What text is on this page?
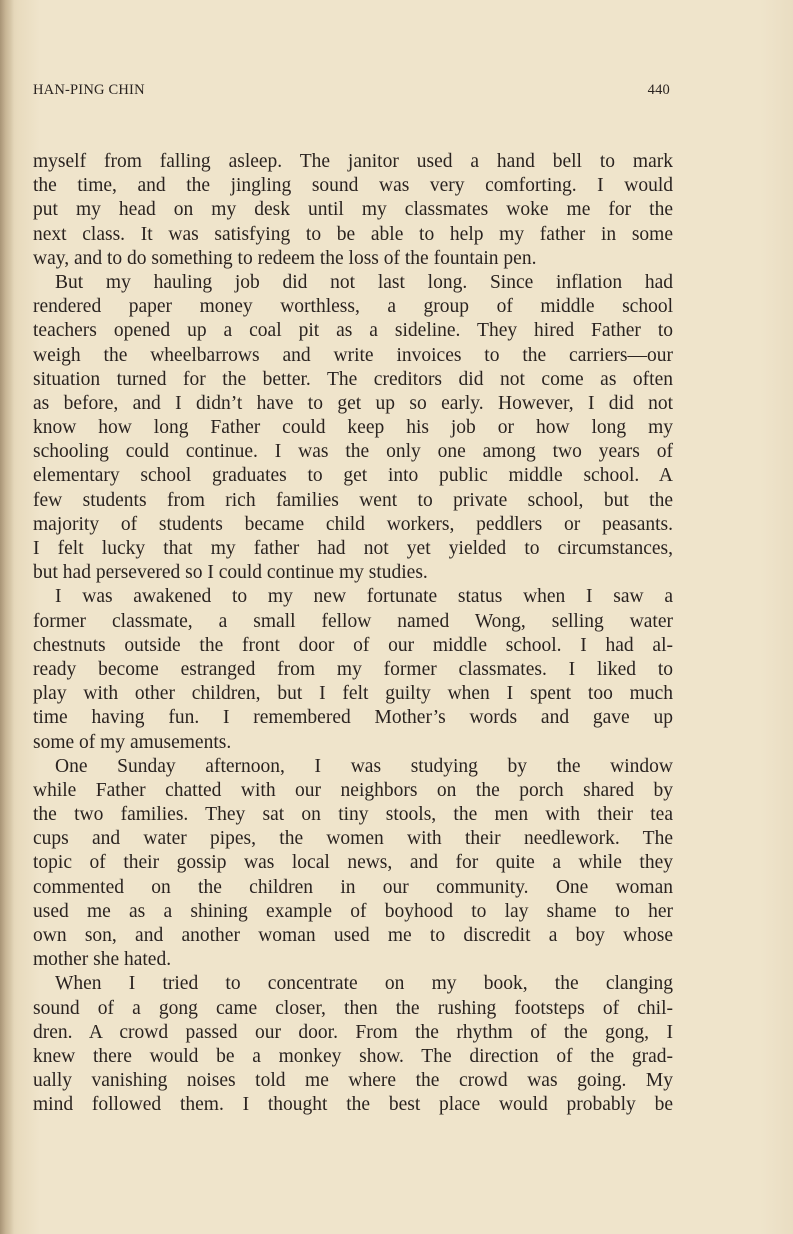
HAN-PING CHIN	440
myself from falling asleep. The janitor used a hand bell to mark
the time, and the jingling sound was very comforting. I would
put my head on my desk until my classmates woke me for the
next class. It was satisfying to be able to help my father in some
way, and to do something to redeem the loss of the fountain pen.
But my hauling job did not last long. Since inflation had
rendered paper money worthless, a group of middle school
teachers opened up a coal pit as a sideline. They hired Father to
weigh the wheelbarrows and write invoices to the carriers—our
situation turned for the better. The creditors did not come as often
as before, and I didn’t have to get up so early. However, I did not
know how long Father could keep his job or how long my
schooling could continue. I was the only one among two years of
elementary school graduates to get into public middle school. A
few students from rich families went to private school, but the
majority of students became child workers, peddlers or peasants.
I felt lucky that my father had not yet yielded to circumstances,
but had persevered so I could continue my studies.
I was awakened to my new fortunate status when I saw a
former classmate, a small fellow named Wong, selling water
chestnuts outside the front door of our middle school. I had al-
ready become estranged from my former classmates. I liked to
play with other children, but I felt guilty when I spent too much
time having fun. I remembered Mother’s words and gave up
some of my amusements.
One Sunday afternoon, I was studying by the window
while Father chatted with our neighbors on the porch shared by
the two families. They sat on tiny stools, the men with their tea
cups and water pipes, the women with their needlework. The
topic of their gossip was local news, and for quite a while they
commented on the children in our community. One woman
used me as a shining example of boyhood to lay shame to her
own son, and another woman used me to discredit a boy whose
mother she hated.
When I tried to concentrate on my book, the clanging
sound of a gong came closer, then the rushing footsteps of chil-
dren. A crowd passed our door. From the rhythm of the gong, I
knew there would be a monkey show. The direction of the grad-
ually vanishing noises told me where the crowd was going. My
mind followed them. I thought the best place would probably be
